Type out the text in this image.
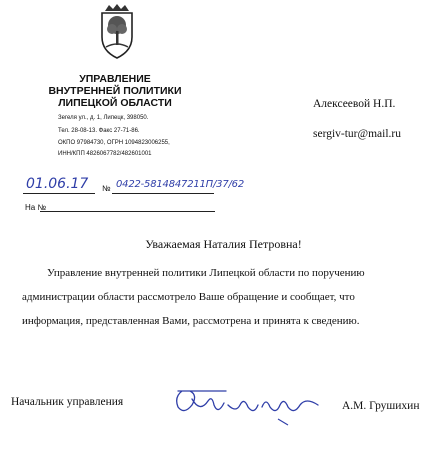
УПРАВЛЕНИЕ
ВНУТРЕННЕЙ ПОЛИТИКИ
ЛИПЕЦКОЙ ОБЛАСТИ
Зегеля ул., д. 1, Липецк, 398050.
Тел. 28-08-13. Факс 27-71-86.
ОКПО 97984730, ОГРН 1094823006255,
ИНН/КПП 4826067782/482601001
Алексеевой Н.П.
sergiv-tur@mail.ru
01.06.17 № 0422-5814847211П/37/62
На №
Уважаемая Наталия Петровна!
Управление внутренней политики Липецкой области по поручению
администрации области рассмотрело Ваше обращение и сообщает, что
информация, представленная Вами, рассмотрена и принята к сведению.
Начальник управления	А.М. Грушихин
